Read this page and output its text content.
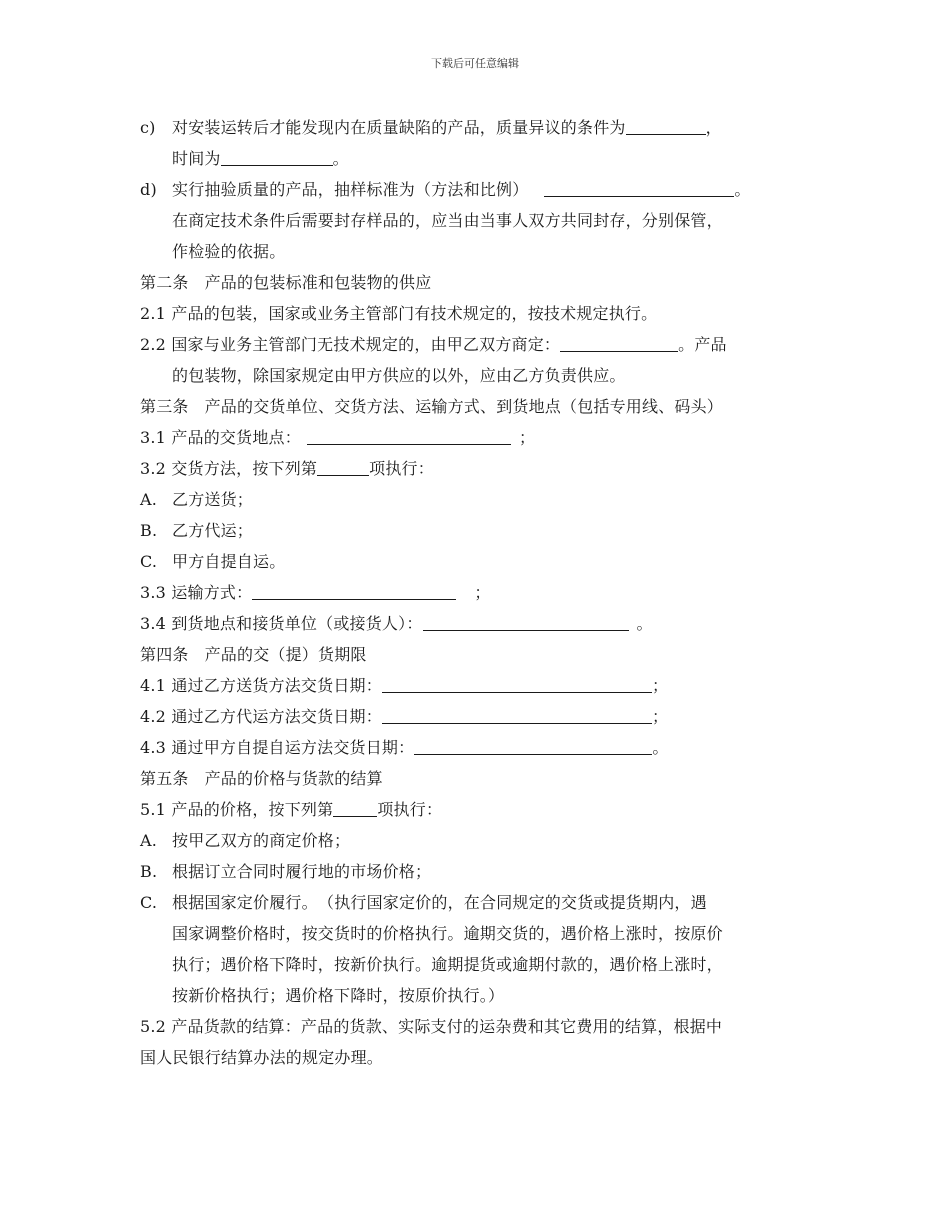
下载后可任意编辑
c) 对安装运转后才能发现内在质量缺陷的产品，质量异议的条件为	，
时间为	。
d) 实行抽验质量的产品，抽样标准为（方法和比例）	。
在商定技术条件后需要封存样品的，应当由当事人双方共同封存，分别保管，
作检验的依据。
第二条 产品的包装标准和包装物的供应
2.1 产品的包装，国家或业务主管部门有技术规定的，按技术规定执行。
2.2 国家与业务主管部门无技术规定的，由甲乙双方商定：	。产品
的包装物，除国家规定由甲方供应的以外，应由乙方负责供应。
第三条 产品的交货单位、交货方法、运输方式、到货地点（包括专用线、码头）
3.1 产品的交货地点：	；
3.2 交货方法，按下列第	项执行：
A. 乙方送货；
B. 乙方代运；
C. 甲方自提自运。
3.3 运输方式：	；
3.4 到货地点和接货单位（或接货人）：	。
第四条 产品的交（提）货期限
4.1 通过乙方送货方法交货日期：	；
4.2 通过乙方代运方法交货日期：	；
4.3 通过甲方自提自运方法交货日期：	。
第五条 产品的价格与货款的结算
5.1 产品的价格，按下列第	项执行：
A. 按甲乙双方的商定价格；
B. 根据订立合同时履行地的市场价格；
C. 根据国家定价履行。　（执行国家定价的，在合同规定的交货或提货期内，遇
国家调整价格时，按交货时的价格执行。逾期交货的，遇价格上涨时，按原价
执行；遇价格下降时，按新价执行。逾期提货或逾期付款的，遇价格上涨时，
按新价格执行；遇价格下降时，按原价执行。）
5.2 产品货款的结算：产品的货款、实际支付的运杂费和其它费用的结算，根据中
国人民银行结算办法的规定办理。
